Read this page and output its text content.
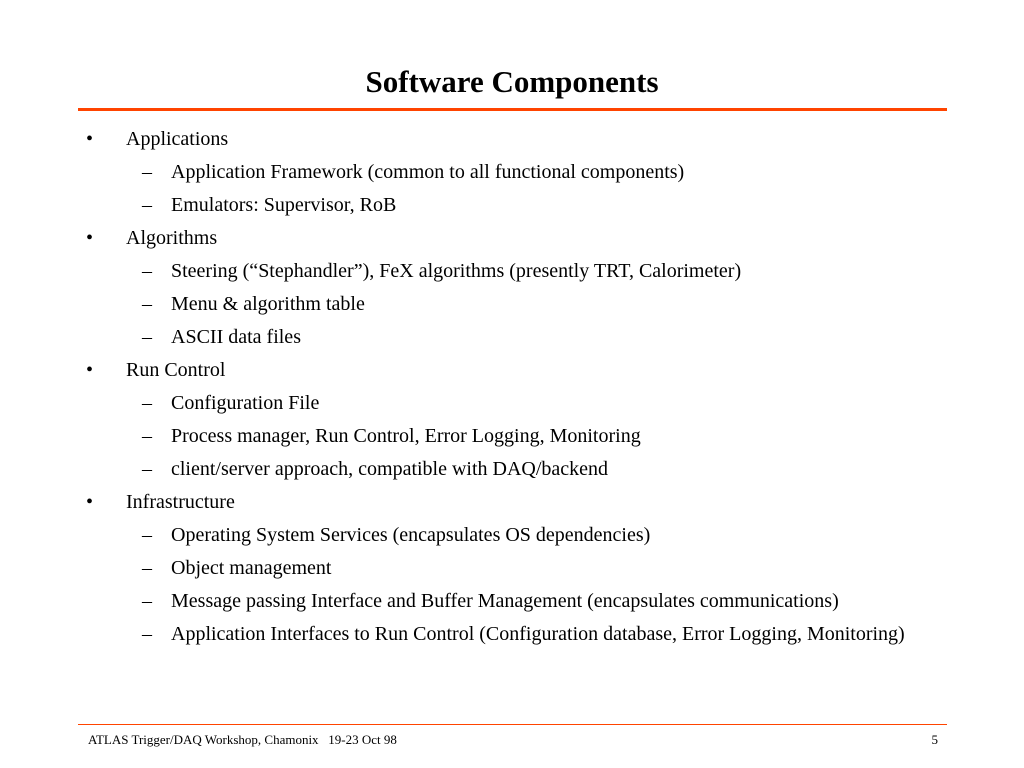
Software Components
• Applications
– Application Framework (common to all functional components)
– Emulators: Supervisor, RoB
• Algorithms
– Steering (“Stephandler”), FeX algorithms (presently TRT, Calorimeter)
– Menu & algorithm table
– ASCII data files
• Run Control
– Configuration File
– Process manager, Run Control, Error Logging, Monitoring
– client/server approach, compatible with DAQ/backend
• Infrastructure
– Operating System Services (encapsulates OS dependencies)
– Object management
– Message passing Interface and Buffer Management (encapsulates communications)
– Application Interfaces to Run Control (Configuration database, Error Logging, Monitoring)
ATLAS Trigger/DAQ Workshop, Chamonix   19-23 Oct 98	5
